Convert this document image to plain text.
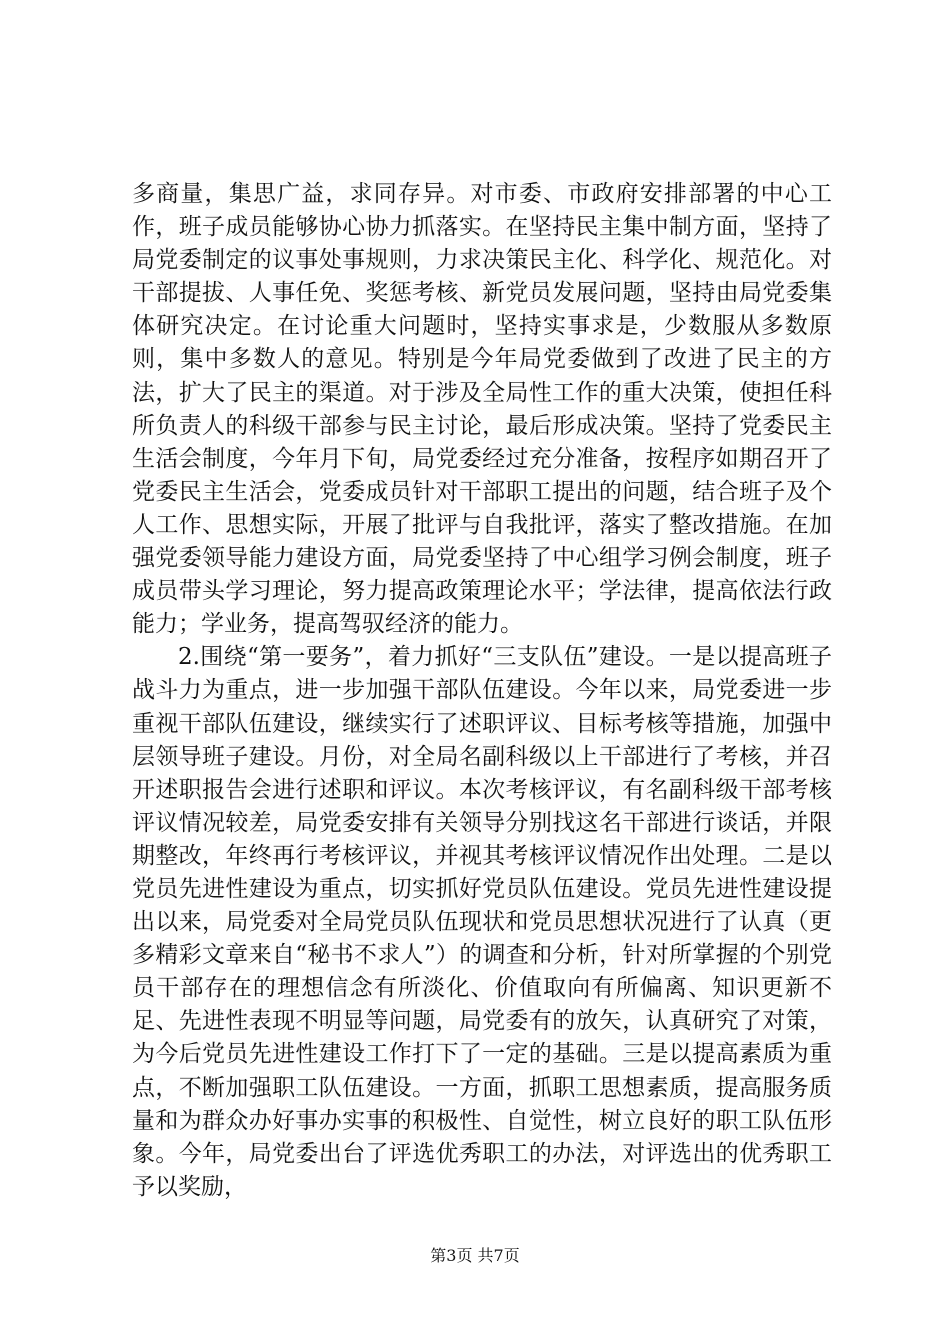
多商量，集思广益，求同存异。对市委、市政府安排部署的中心工作，班子成员能够协心协力抓落实。在坚持民主集中制方面，坚持了局党委制定的议事处事规则，力求决策民主化、科学化、规范化。对干部提拔、人事任免、奖惩考核、新党员发展问题，坚持由局党委集体研究决定。在讨论重大问题时，坚持实事求是，少数服从多数原则，集中多数人的意见。特别是今年局党委做到了改进了民主的方法，扩大了民主的渠道。对于涉及全局性工作的重大决策，使担任科所负责人的科级干部参与民主讨论，最后形成决策。坚持了党委民主生活会制度，今年月下旬，局党委经过充分准备，按程序如期召开了党委民主生活会，党委成员针对干部职工提出的问题，结合班子及个人工作、思想实际，开展了批评与自我批评，落实了整改措施。在加强党委领导能力建设方面，局党委坚持了中心组学习例会制度，班子成员带头学习理论，努力提高政策理论水平；学法律，提高依法行政能力；学业务，提高驾驭经济的能力。

2.围绕“第一要务”，着力抓好“三支队伍”建设。一是以提高班子战斗力为重点，进一步加强干部队伍建设。今年以来，局党委进一步重视干部队伍建设，继续实行了述职评议、目标考核等措施，加强中层领导班子建设。月份，对全局名副科级以上干部进行了考核，并召开述职报告会进行述职和评议。本次考核评议，有名副科级干部考核评议情况较差，局党委安排有关领导分别找这名干部进行谈话，并限期整改，年终再行考核评议，并视其考核评议情况作出处理。二是以党员先进性建设为重点，切实抓好党员队伍建设。党员先进性建设提出以来，局党委对全局党员队伍现状和党员思想状况进行了认真（更多精彩文章来自“秘书不求人”）的调查和分析，针对所掌握的个别党员干部存在的理想信念有所淡化、价值取向有所偏离、知识更新不足、先进性表现不明显等问题，局党委有的放矢，认真研究了对策，为今后党员先进性建设工作打下了一定的基础。三是以提高素质为重点，不断加强职工队伍建设。一方面，抓职工思想素质，提高服务质量和为群众办好事办实事的积极性、自觉性，树立良好的职工队伍形象。今年，局党委出台了评选优秀职工的办法，对评选出的优秀职工予以奖励，

第3页 共7页
